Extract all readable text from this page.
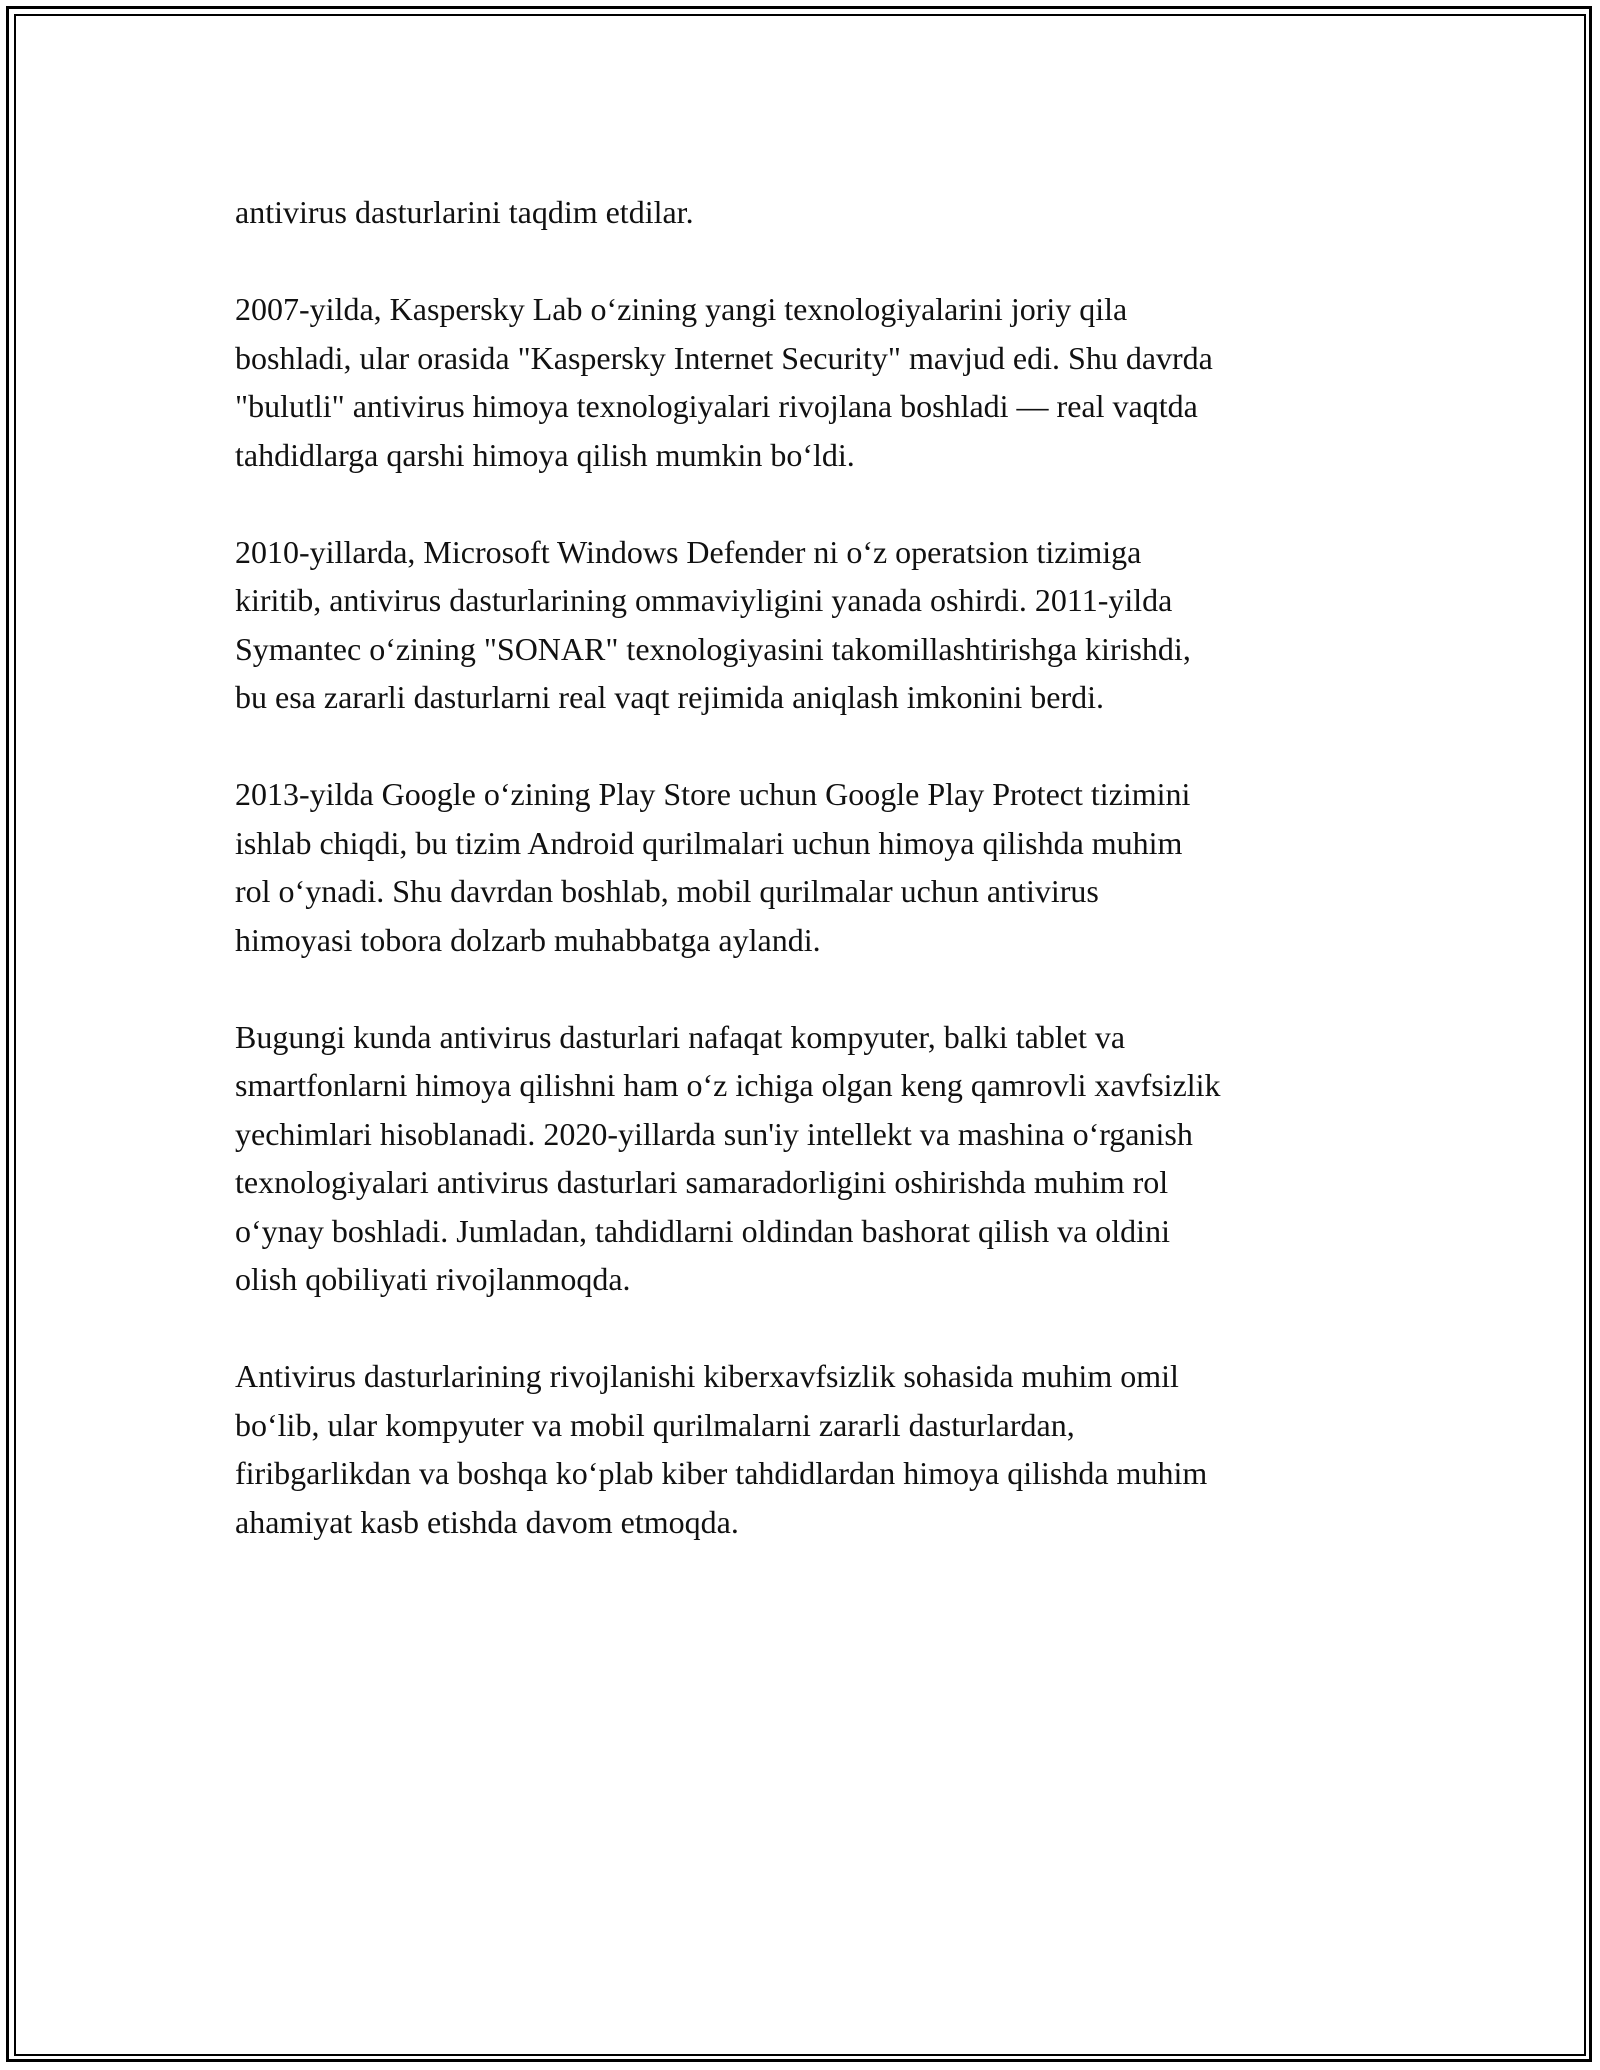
antivirus dasturlarini taqdim etdilar.

2007-yilda, Kaspersky Lab o‘zining yangi texnologiyalarini joriy qila
boshladi, ular orasida "Kaspersky Internet Security" mavjud edi. Shu davrda
"bulutli" antivirus himoya texnologiyalari rivojlana boshladi — real vaqtda
tahdidlarga qarshi himoya qilish mumkin bo‘ldi.

2010-yillarda, Microsoft Windows Defender ni o‘z operatsion tizimiga
kiritib, antivirus dasturlarining ommaviyligini yanada oshirdi. 2011-yilda
Symantec o‘zining "SONAR" texnologiyasini takomillashtirishga kirishdi,
bu esa zararli dasturlarni real vaqt rejimida aniqlash imkonini berdi.

2013-yilda Google o‘zining Play Store uchun Google Play Protect tizimini
ishlab chiqdi, bu tizim Android qurilmalari uchun himoya qilishda muhim
rol o‘ynadi. Shu davrdan boshlab, mobil qurilmalar uchun antivirus
himoyasi tobora dolzarb muhabbatga aylandi.

Bugungi kunda antivirus dasturlari nafaqat kompyuter, balki tablet va
smartfonlarni himoya qilishni ham o‘z ichiga olgan keng qamrovli xavfsizlik
yechimlari hisoblanadi. 2020-yillarda sun'iy intellekt va mashina o‘rganish
texnologiyalari antivirus dasturlari samaradorligini oshirishda muhim rol
o‘ynay boshladi. Jumladan, tahdidlarni oldindan bashorat qilish va oldini
olish qobiliyati rivojlanmoqda.

Antivirus dasturlarining rivojlanishi kiberxavfsizlik sohasida muhim omil
bo‘lib, ular kompyuter va mobil qurilmalarni zararli dasturlardan,
firibgarlikdan va boshqa ko‘plab kiber tahdidlardan himoya qilishda muhim
ahamiyat kasb etishda davom etmoqda.
